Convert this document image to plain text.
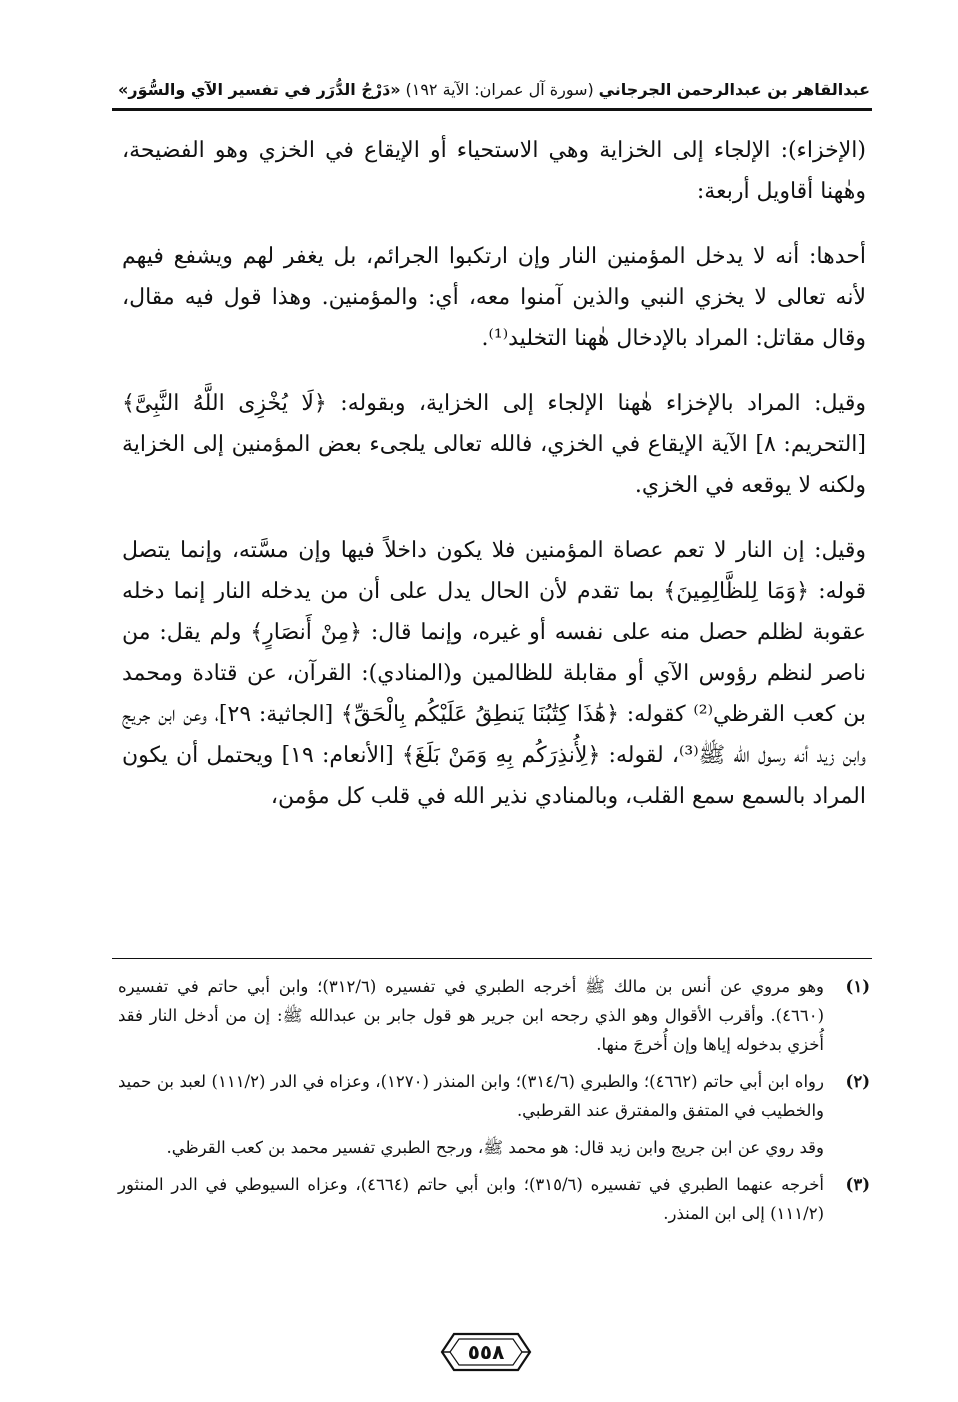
عبدالقاهر بن عبدالرحمن الجرجاني
(سورة آل عمران: الآية ١٩٢)
«دَرْجُ الدُّرَر في تفسير الآي والسُّوَر»

(الإخزاء): الإلجاء إلى الخزاية وهي الاستحياء أو الإيقاع في الخزي وهو الفضيحة، وهٰهنا أقاويل أربعة:

أحدها: أنه لا يدخل المؤمنين النار وإن ارتكبوا الجرائم، بل يغفر لهم ويشفع فيهم لأنه تعالى لا يخزي النبي والذين آمنوا معه، أي: والمؤمنين. وهذا قول فيه مقال، وقال مقاتل: المراد بالإدخال هٰهنا التخليد⁽¹⁾.

وقيل: المراد بالإخزاء هٰهنا الإلجاء إلى الخزاية، وبقوله: ﴿لَا يُخْزِى اللَّهُ النَّبِىَّ﴾ [التحريم: ٨] الآية الإيقاع في الخزي، فالله تعالى يلجىء بعض المؤمنين إلى الخزاية ولكنه لا يوقعه في الخزي.

وقيل: إن النار لا تعم عصاة المؤمنين فلا يكون داخلاً فيها وإن مسَّته، وإنما يتصل قوله: ﴿وَمَا لِلظَّالِمِينَ﴾ بما تقدم لأن الحال يدل على أن من يدخله النار إنما دخله عقوبة لظلم حصل منه على نفسه أو غيره، وإنما قال: ﴿مِنْ أَنصَارٍ﴾ ولم يقل: من ناصر لنظم رؤوس الآي أو مقابلة للظالمين و(المنادي): القرآن، عن قتادة ومحمد بن كعب القرظي⁽²⁾ كقوله: ﴿هَٰذَا كِتَٰبُنَا يَنطِقُ عَلَيْكُم بِالْحَقِّ﴾ [الجاثية: ٢٩]، وعن ابن جريج وابن زيد أنه رسول الله ﷺ⁽³⁾، لقوله: ﴿لِأُنذِرَكُم بِهِ وَمَنْ بَلَغَ﴾ [الأنعام: ١٩] ويحتمل أن يكون المراد بالسمع سمع القلب، وبالمنادي نذير الله في قلب كل مؤمن،

(١)
وهو مروي عن أنس بن مالك ﷺ أخرجه الطبري في تفسيره (٣١٢/٦)؛ وابن أبي حاتم في تفسيره (٤٦٦٠). وأقرب الأقوال وهو الذي رجحه ابن جرير هو قول جابر بن عبدالله ﷺ: إن من أدخل النار فقد أُخزي بدخوله إياها وإن أُخرجَ منها.
(٢)
رواه ابن أبي حاتم (٤٦٦٢)؛ والطبري (٣١٤/٦)؛ وابن المنذر (١٢٧٠)، وعزاه في الدر (١١١/٢) لعبد بن حميد والخطيب في المتفق والمفترق عند القرطبي.
وقد روي عن ابن جريج وابن زيد قال: هو محمد ﷺ، ورجح الطبري تفسير محمد بن كعب القرظي.
(٣)
أخرجه عنهما الطبري في تفسيره (٣١٥/٦)؛ وابن أبي حاتم (٤٦٦٤)، وعزاه السيوطي في الدر المنثور (١١١/٢) إلى ابن المنذر.
٥٥٨
